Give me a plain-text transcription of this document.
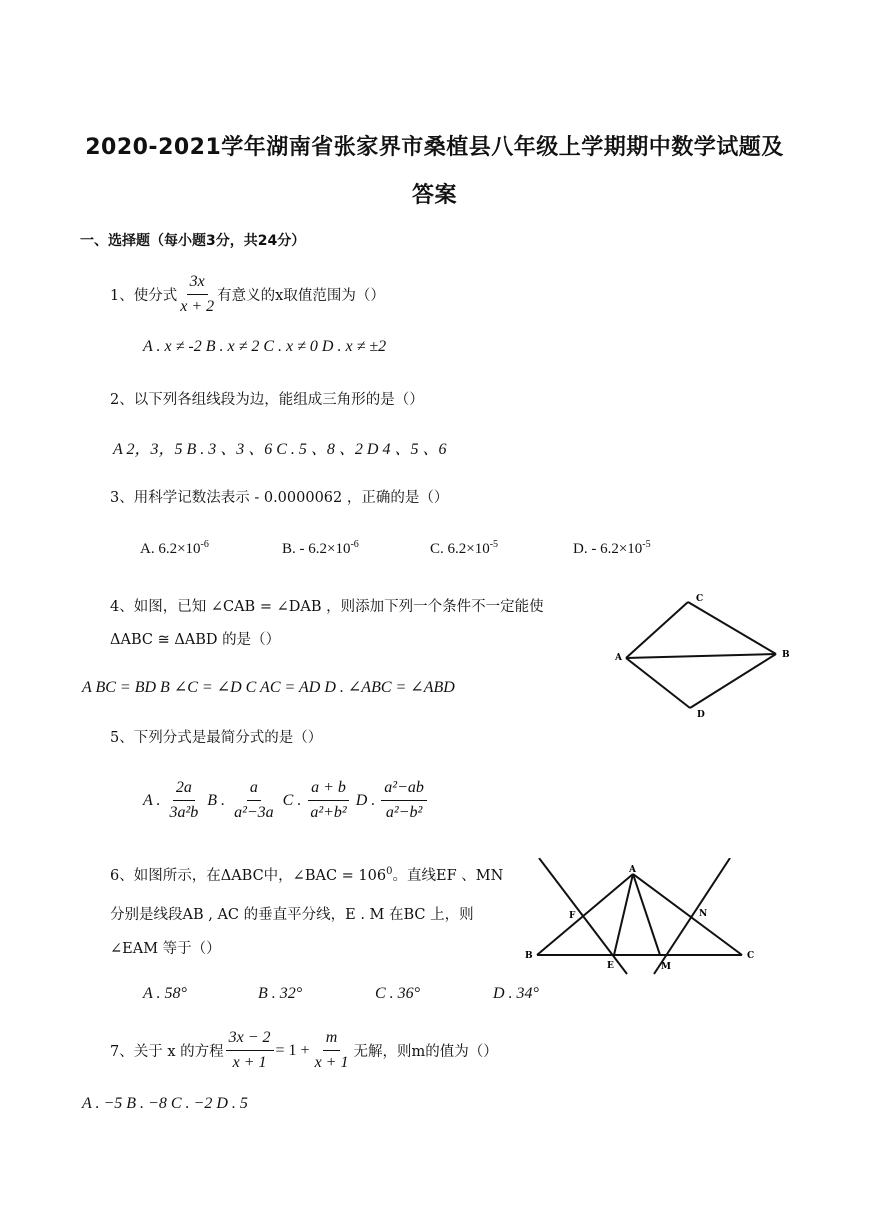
2020-2021学年湖南省张家界市桑植县八年级上学期期中数学试题及
答案
一、选择题（每小题3分，共24分）
1、使分式 $\frac{3x}{x + 2}$ 有意义的x取值范围为（）
A . x ≠ -2 B . x ≠ 2 C . x ≠ 0 D . x ≠ ±2
2、以下列各组线段为边，能组成三角形的是（）
A 2，3，5 B . 3 、3 、6 C . 5 、8 、2 D 4 、5 、6
3、用科学记数法表示 - 0.0000062 ，正确的是（）
A. $6.2\times 10^{-6}$	B. - $6.2\times 10^{-6}$	C. $6.2\times 10^{-5}$	D. - $6.2\times 10^{-5}$
4、如图，已知 ∠CAB = ∠DAB ，则添加下列一个条件不一定能使
ΔABC ≅ ΔABD 的是（）
A BC = BD B ∠C = ∠D C AC = AD D . ∠ABC = ∠ABD
A
C
B
D
5、下列分式是最简分式的是（）
A . $\frac{2a}{\text{3a²b}}$ B . $\frac{a}{\text{a²−3a}}$ C . $\frac{a + b}{\text{a²+b²}}$ D . $\frac{\text{a²−ab}}{\text{a²−b²}}$
6、如图所示，在ΔABC中，∠BAC = $106^0$。直线EF 、MN
分别是线段AB , AC 的垂直平分线，E . M 在BC 上，则
∠EAM 等于（）
A . 58°	B . 32°	C . 36°	D . 34°
A
B	C
F	N
E	M
7、关于 x 的方程 $\frac{3x - 2}{x + 1} = 1 + \frac{m}{x + 1}$ 无解，则m的值为（）
A . −5 B . −8 C . −2 D . 5
